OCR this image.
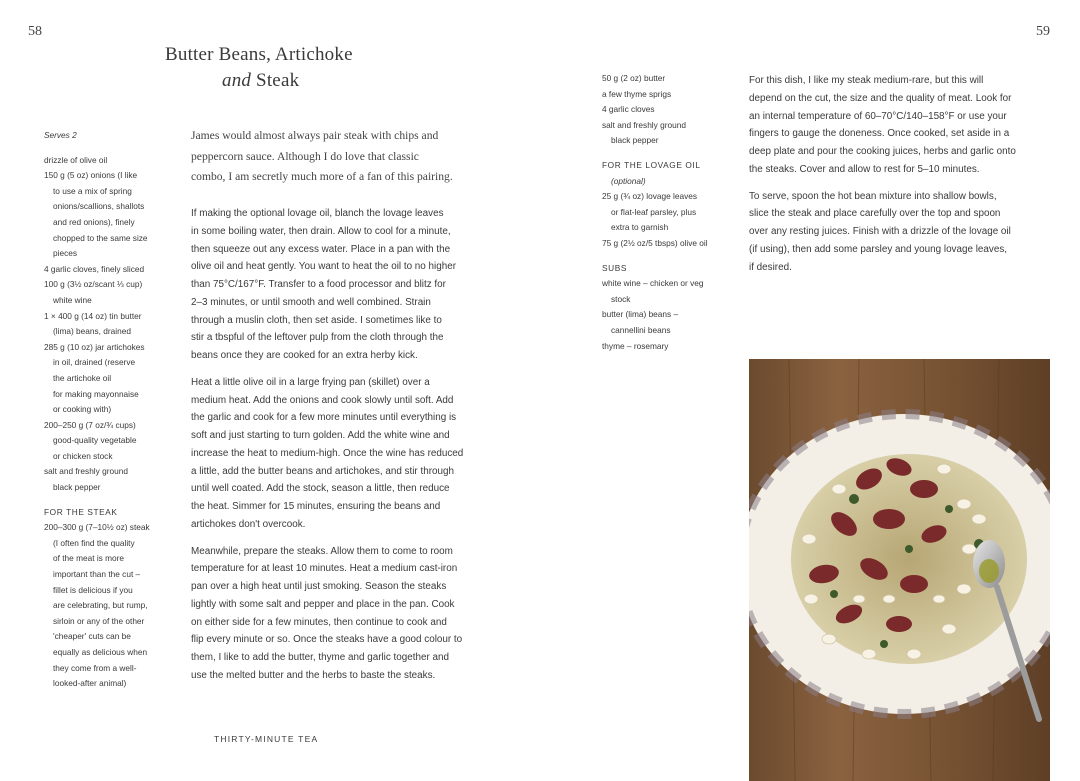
58	59
Butter Beans, Artichoke
and Steak
Serves 2
drizzle of olive oil
150 g (5 oz) onions (I like
to use a mix of spring
onions/scallions, shallots
and red onions), finely
chopped to the same size
pieces
4 garlic cloves, finely sliced
100 g (3½ oz/scant ⅓ cup)
white wine
1 × 400 g (14 oz) tin butter
(lima) beans, drained
285 g (10 oz) jar artichokes
in oil, drained (reserve
the artichoke oil
for making mayonnaise
or cooking with)
200–250 g (7 oz/¾ cups)
good-quality vegetable
or chicken stock
salt and freshly ground
black pepper
FOR THE STEAK
200–300 g (7–10½ oz) steak
(I often find the quality
of the meat is more
important than the cut –
fillet is delicious if you
are celebrating, but rump,
sirloin or any of the other
'cheaper' cuts can be
equally as delicious when
they come from a well-
looked-after animal)
James would almost always pair steak with chips and
peppercorn sauce. Although I do love that classic
combo, I am secretly much more of a fan of this pairing.
If making the optional lovage oil, blanch the lovage leaves
in some boiling water, then drain. Allow to cool for a minute,
then squeeze out any excess water. Place in a pan with the
olive oil and heat gently. You want to heat the oil to no higher
than 75°C/167°F. Transfer to a food processor and blitz for
2–3 minutes, or until smooth and well combined. Strain
through a muslin cloth, then set aside. I sometimes like to
stir a tbspful of the leftover pulp from the cloth through the
beans once they are cooked for an extra herby kick.
Heat a little olive oil in a large frying pan (skillet) over a
medium heat. Add the onions and cook slowly until soft. Add
the garlic and cook for a few more minutes until everything is
soft and just starting to turn golden. Add the white wine and
increase the heat to medium-high. Once the wine has reduced
a little, add the butter beans and artichokes, and stir through
until well coated. Add the stock, season a little, then reduce
the heat. Simmer for 15 minutes, ensuring the beans and
artichokes don't overcook.
Meanwhile, prepare the steaks. Allow them to come to room
temperature for at least 10 minutes. Heat a medium cast-iron
pan over a high heat until just smoking. Season the steaks
lightly with some salt and pepper and place in the pan. Cook
on either side for a few minutes, then continue to cook and
flip every minute or so. Once the steaks have a good colour to
them, I like to add the butter, thyme and garlic together and
use the melted butter and the herbs to baste the steaks.
50 g (2 oz) butter
a few thyme sprigs
4 garlic cloves
salt and freshly ground
black pepper
FOR THE LOVAGE OIL
(optional)
25 g (¾ oz) lovage leaves
or flat-leaf parsley, plus
extra to garnish
75 g (2½ oz/5 tbsps) olive oil
SUBS
white wine – chicken or veg
stock
butter (lima) beans –
cannellini beans
thyme – rosemary
For this dish, I like my steak medium-rare, but this will
depend on the cut, the size and the quality of meat. Look for
an internal temperature of 60–70°C/140–158°F or use your
fingers to gauge the doneness. Once cooked, set aside in a
deep plate and pour the cooking juices, herbs and garlic onto
the steaks. Cover and allow to rest for 5–10 minutes.
To serve, spoon the hot bean mixture into shallow bowls,
slice the steak and place carefully over the top and spoon
over any resting juices. Finish with a drizzle of the lovage oil
(if using), then add some parsley and young lovage leaves,
if desired.
THIRTY-MINUTE TEA
